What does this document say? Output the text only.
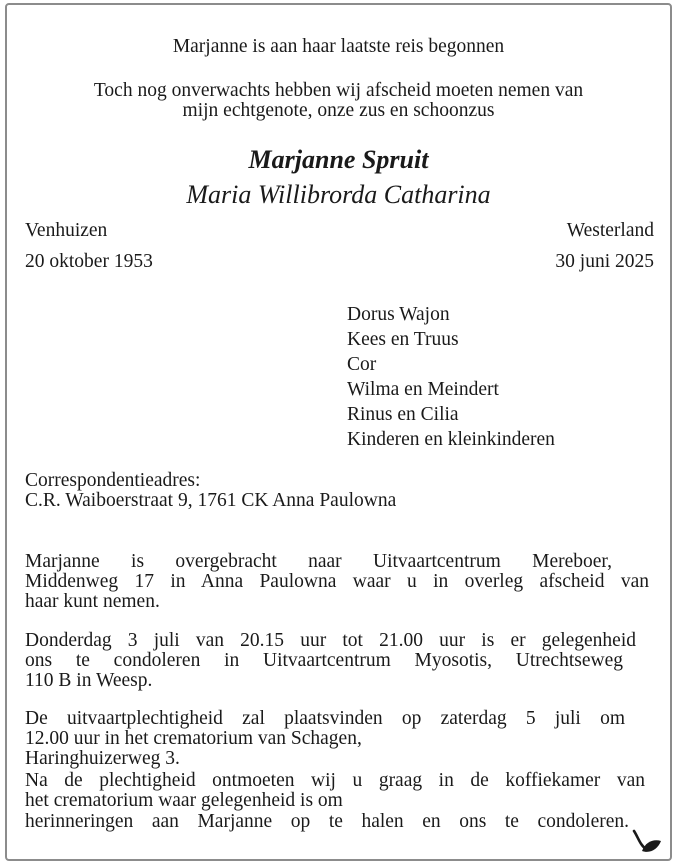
Marjanne is aan haar laatste reis begonnen
Toch nog onverwachts hebben wij afscheid moeten nemen van
mijn echtgenote, onze zus en schoonzus
Marjanne Spruit
Maria Willibrorda Catharina
Venhuizen	Westerland
20 oktober 1953	30 juni 2025
Dorus Wajon
Kees en Truus
Cor
Wilma en Meindert
Rinus en Cilia
Kinderen en kleinkinderen
Correspondentieadres:
C.R. Waiboerstraat 9, 1761 CK Anna Paulowna
Marjanne is overgebracht naar Uitvaartcentrum Mereboer,
Middenweg 17 in Anna Paulowna waar u in overleg afscheid van
haar kunt nemen.
Donderdag 3 juli van 20.15 uur tot 21.00 uur is er gelegenheid
ons te condoleren in Uitvaartcentrum Myosotis, Utrechtseweg
110 B in Weesp.
De uitvaartplechtigheid zal plaatsvinden op zaterdag 5 juli om
12.00 uur in het crematorium van Schagen,
Haringhuizerweg 3.
Na de plechtigheid ontmoeten wij u graag in de koffiekamer van
het crematorium waar gelegenheid is om
herinneringen aan Marjanne op te halen en ons te condoleren.
